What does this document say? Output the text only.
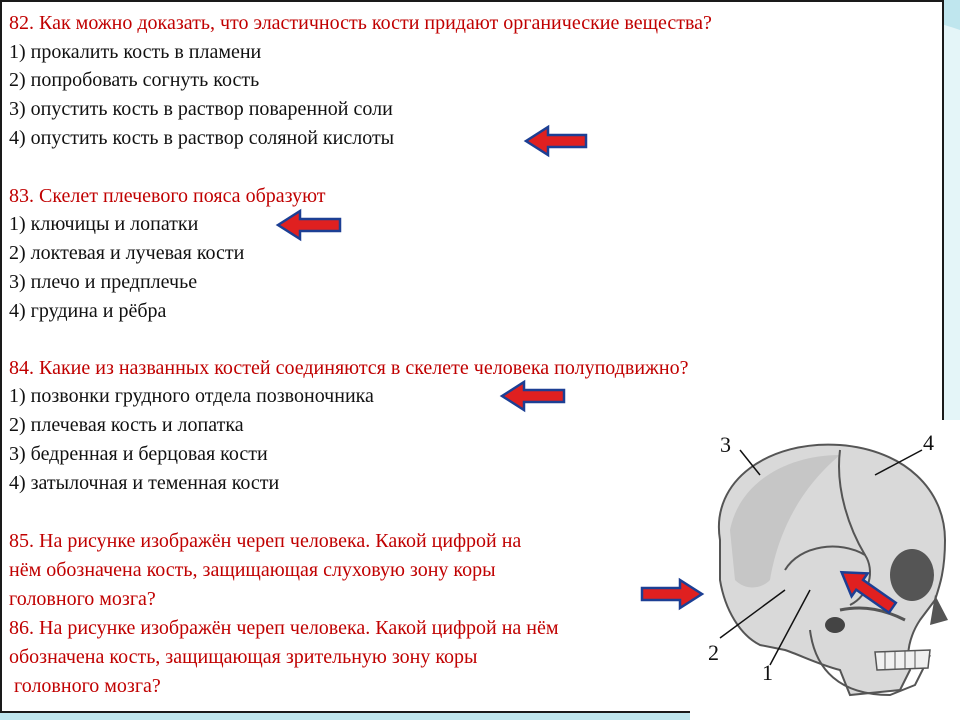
82. Как можно доказать, что эластичность кости придают органические вещества?
1) прокалить кость в пламени
2) попробовать согнуть кость
3) опустить кость в раствор поваренной соли
4) опустить кость в раствор соляной кислоты
83. Скелет плечевого пояса образуют
1) ключицы и лопатки
2) локтевая и лучевая кости
3) плечо и предплечье
4) грудина и рёбра
84. Какие из названных костей соединяются в скелете человека полуподвижно?
1) позвонки грудного отдела позвоночника
2) плечевая кость и лопатка
3) бедренная и берцовая кости
4) затылочная и теменная кости
85. На рисунке изображён череп человека. Какой цифрой на
нём обозначена кость, защищающая слуховую зону коры
головного мозга?
86. На рисунке изображён череп человека. Какой цифрой на нём
обозначена кость, защищающая зрительную зону коры
головного мозга?
3	4
2
1
